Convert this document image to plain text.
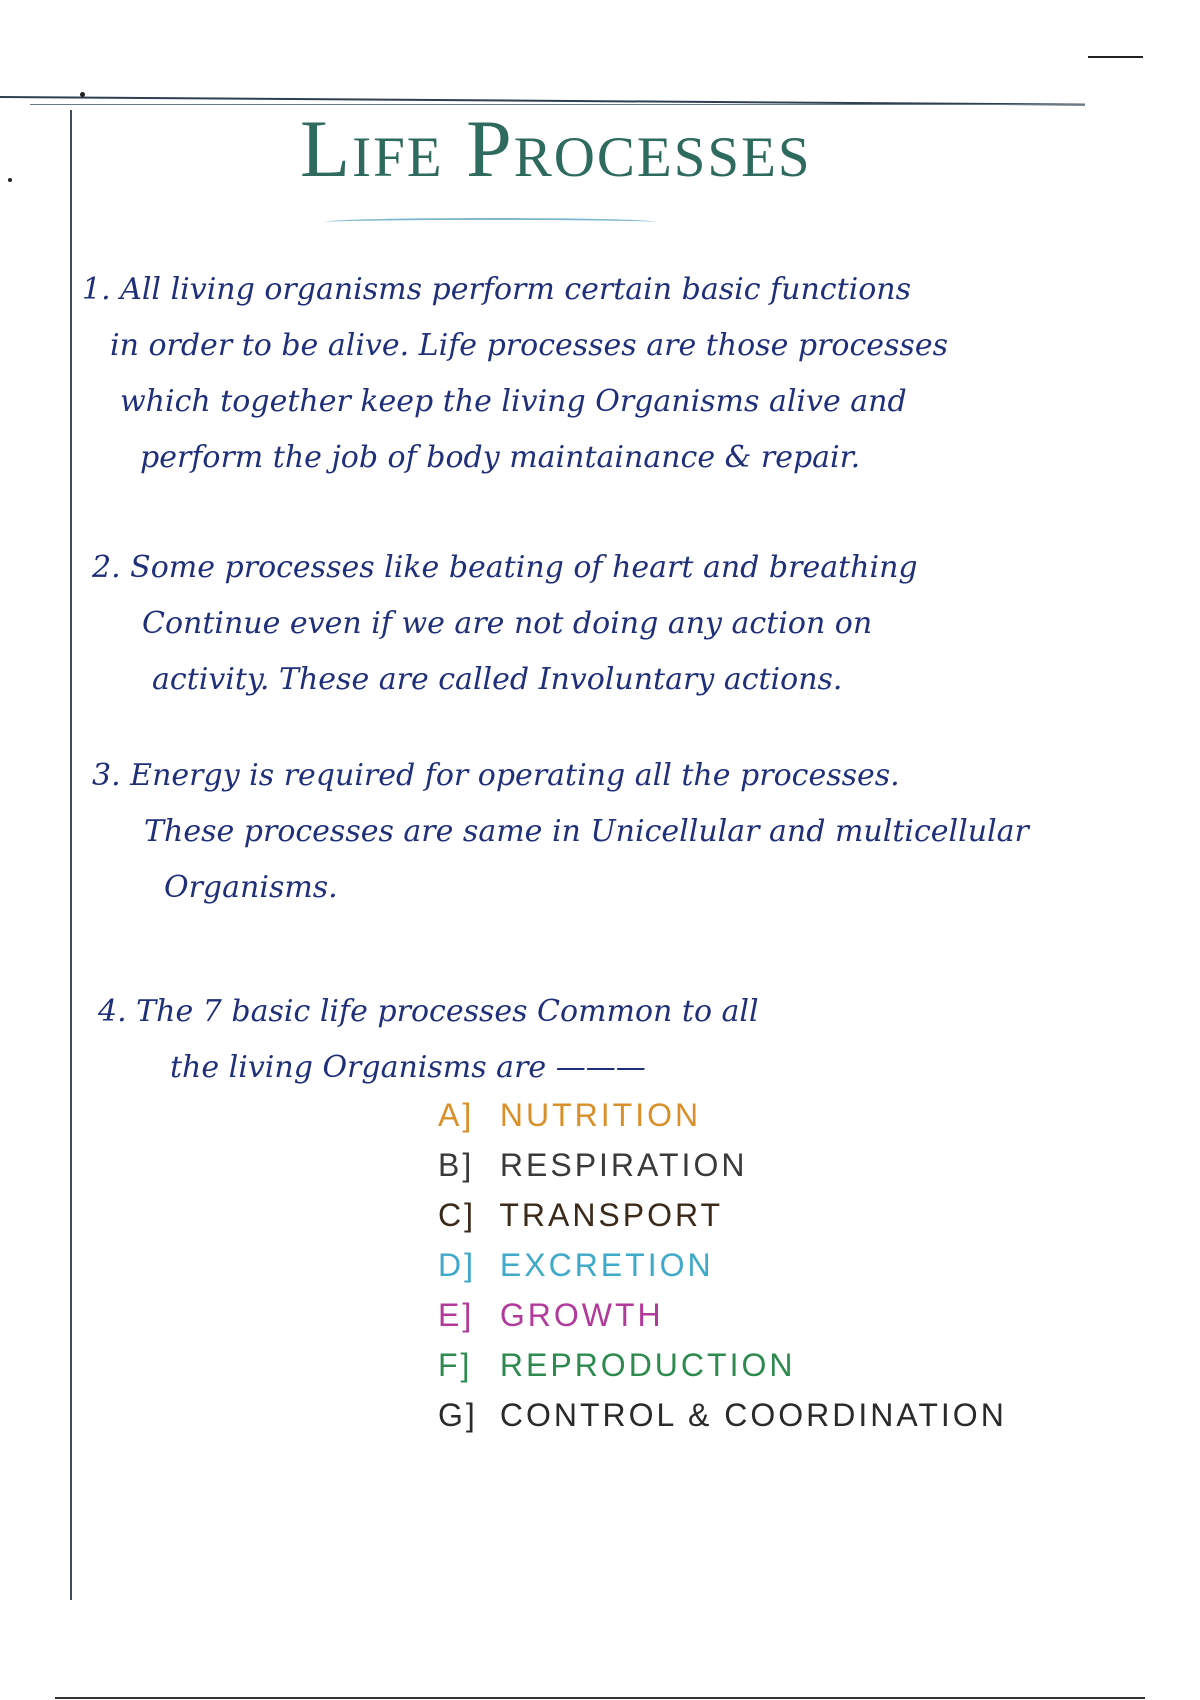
Life Processes
1. All living organisms perform certain basic functions
in order to be alive. Life processes are those processes
which together keep the living Organisms alive and
perform the job of body maintainance & repair.
2. Some processes like beating of heart and breathing
Continue even if we are not doing any action on
activity. These are called Involuntary actions.
3. Energy is required for operating all the processes.
These processes are same in Unicellular and multicellular
Organisms.
4. The 7 basic life processes Common to all
the living Organisms are ———
A] NUTRITION
B] RESPIRATION
C] TRANSPORT
D] EXCRETION
E] GROWTH
F] REPRODUCTION
G] CONTROL & COORDINATION
